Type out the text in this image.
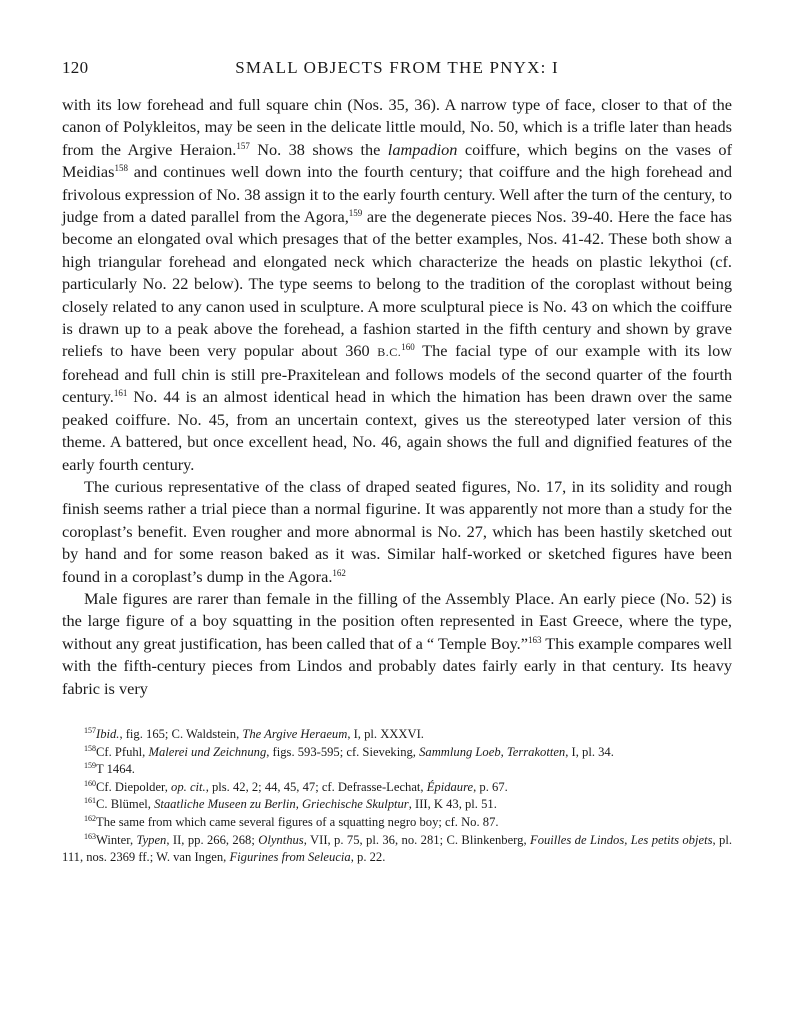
120	SMALL OBJECTS FROM THE PNYX: I

with its low forehead and full square chin (Nos. 35, 36). A narrow type of face, closer to that of the canon of Polykleitos, may be seen in the delicate little mould, No. 50, which is a trifle later than heads from the Argive Heraion.$^{157}$ No. 38 shows the lampadion coiffure, which begins on the vases of Meidias$^{158}$ and continues well down into the fourth century; that coiffure and the high forehead and frivolous expression of No. 38 assign it to the early fourth century. Well after the turn of the century, to judge from a dated parallel from the Agora,$^{159}$ are the degenerate pieces Nos. 39-40. Here the face has become an elongated oval which presages that of the better examples, Nos. 41-42. These both show a high triangular forehead and elongated neck which characterize the heads on plastic lekythoi (cf. particularly No. 22 below). The type seems to belong to the tradition of the coroplast without being closely related to any canon used in sculpture. A more sculptural piece is No. 43 on which the coiffure is drawn up to a peak above the forehead, a fashion started in the fifth century and shown by grave reliefs to have been very popular about 360 B.C.$^{160}$ The facial type of our example with its low forehead and full chin is still pre-Praxitelean and follows models of the second quarter of the fourth century.$^{161}$ No. 44 is an almost identical head in which the himation has been drawn over the same peaked coiffure. No. 45, from an uncertain context, gives us the stereotyped later version of this theme. A battered, but once excellent head, No. 46, again shows the full and dignified features of the early fourth century.

The curious representative of the class of draped seated figures, No. 17, in its solidity and rough finish seems rather a trial piece than a normal figurine. It was apparently not more than a study for the coroplast’s benefit. Even rougher and more abnormal is No. 27, which has been hastily sketched out by hand and for some reason baked as it was. Similar half-worked or sketched figures have been found in a coroplast’s dump in the Agora.$^{162}$

Male figures are rarer than female in the filling of the Assembly Place. An early piece (No. 52) is the large figure of a boy squatting in the position often represented in East Greece, where the type, without any great justification, has been called that of a “ Temple Boy.”$^{163}$ This example compares well with the fifth-century pieces from Lindos and probably dates fairly early in that century. Its heavy fabric is very

$^{157}$Ibid., fig. 165; C. Waldstein, The Argive Heraeum, I, pl. XXXVI.

$^{158}$Cf. Pfuhl, Malerei und Zeichnung, figs. 593-595; cf. Sieveking, Sammlung Loeb, Terrakotten, I, pl. 34.

$^{159}$T 1464.

$^{160}$Cf. Diepolder, op. cit., pls. 42, 2; 44, 45, 47; cf. Defrasse-Lechat, Épidaure, p. 67.

$^{161}$C. Blümel, Staatliche Museen zu Berlin, Griechische Skulptur, III, K 43, pl. 51.

$^{162}$The same from which came several figures of a squatting negro boy; cf. No. 87.

$^{163}$Winter, Typen, II, pp. 266, 268; Olynthus, VII, p. 75, pl. 36, no. 281; C. Blinkenberg, Fouilles de Lindos, Les petits objets, pl. 111, nos. 2369 ff.; W. van Ingen, Figurines from Seleucia, p. 22.
